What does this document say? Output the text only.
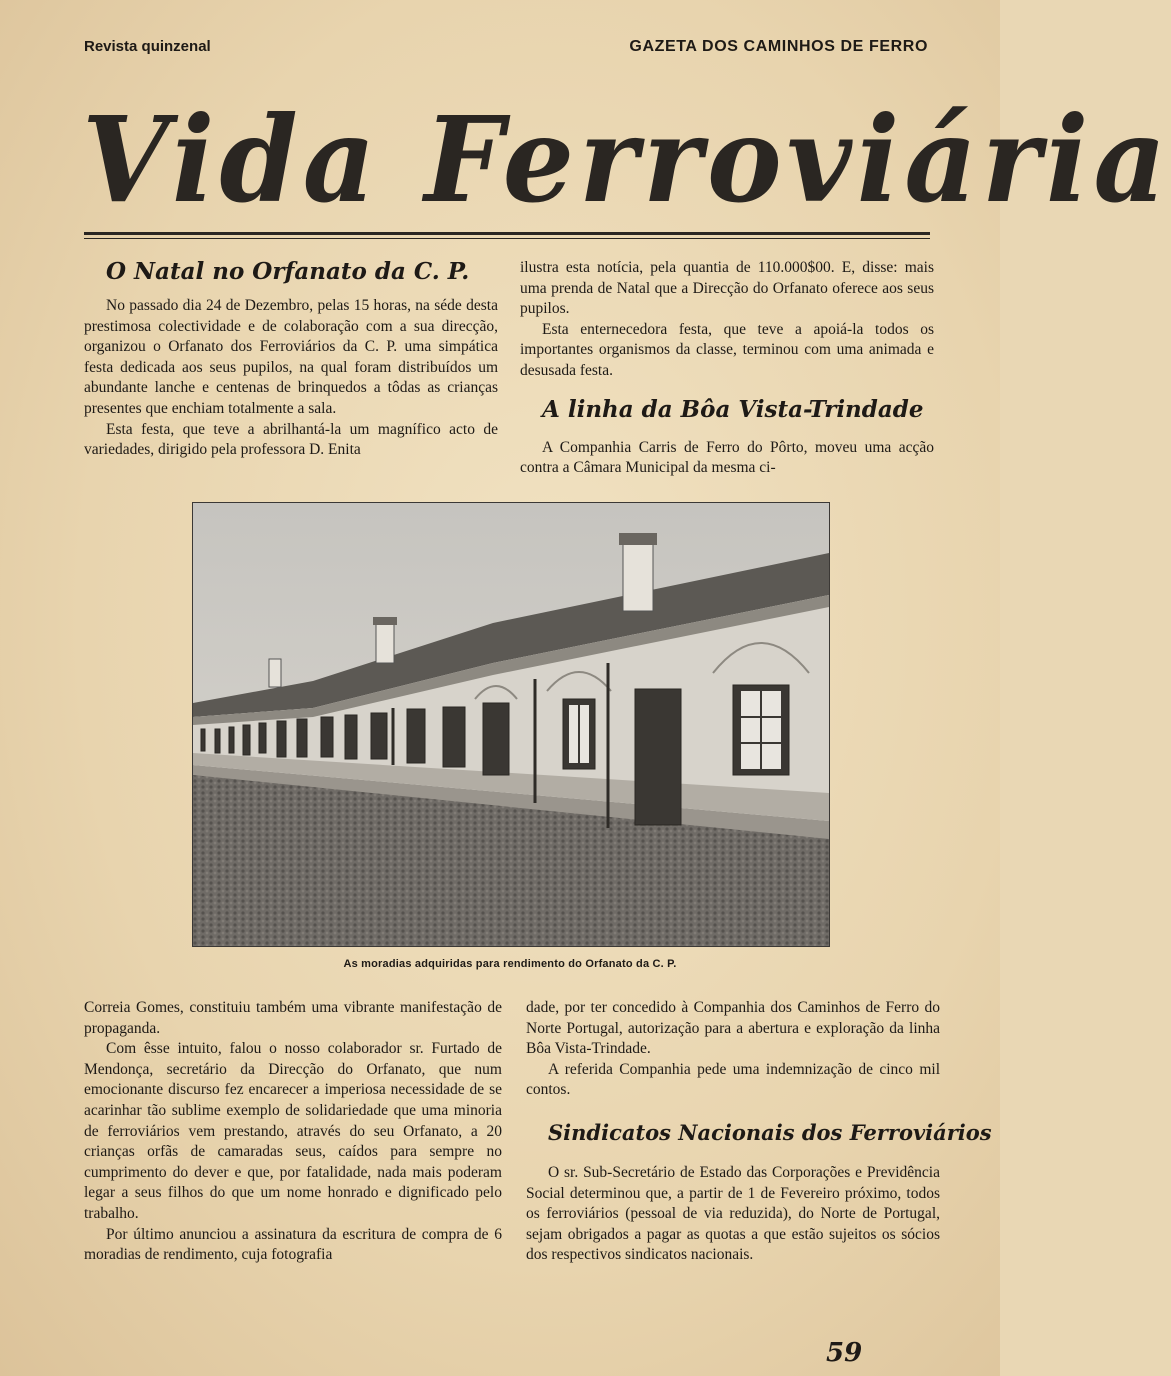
Revista quinzenal	GAZETA DOS CAMINHOS DE FERRO
Vida Ferroviária

O Natal no Orfanato da C. P.

No passado dia 24 de Dezembro, pelas 15 horas, na séde desta prestimosa colectividade e de colaboração com a sua direcção, organizou o Orfanato dos Ferroviários da C. P. uma simpática festa dedicada aos seus pupilos, na qual foram distribuídos um abundante lanche e centenas de brinquedos a tôdas as crianças presentes que enchiam totalmente a sala.

Esta festa, que teve a abrilhantá-la um magnífico acto de variedades, dirigido pela professora D. Enita

ilustra esta notícia, pela quantia de 110.000$00. E, disse: mais uma prenda de Natal que a Direcção do Orfanato oferece aos seus pupilos.

Esta enternecedora festa, que teve a apoiá-la todos os importantes organismos da classe, terminou com uma animada e desusada festa.

A linha da Bôa Vista-Trindade

A Companhia Carris de Ferro do Pôrto, moveu uma acção contra a Câmara Municipal da mesma ci-

As moradias adquiridas para rendimento do Orfanato da C. P.

Correia Gomes, constituiu também uma vibrante manifestação de propaganda.

Com êsse intuito, falou o nosso colaborador sr. Furtado de Mendonça, secretário da Direcção do Orfanato, que num emocionante discurso fez encarecer a imperiosa necessidade de se acarinhar tão sublime exemplo de solidariedade que uma minoria de ferroviários vem prestando, através do seu Orfanato, a 20 crianças orfãs de camaradas seus, caídos para sempre no cumprimento do dever e que, por fatalidade, nada mais poderam legar a seus filhos do que um nome honrado e dignificado pelo trabalho.

Por último anunciou a assinatura da escritura de compra de 6 moradias de rendimento, cuja fotografia

dade, por ter concedido à Companhia dos Caminhos de Ferro do Norte Portugal, autorização para a abertura e exploração da linha Bôa Vista-Trindade.

A referida Companhia pede uma indemnização de cinco mil contos.

Sindicatos Nacionais dos Ferroviários

O sr. Sub-Secretário de Estado das Corporações e Previdência Social determinou que, a partir de 1 de Fevereiro próximo, todos os ferroviários (pessoal de via reduzida), do Norte de Portugal, sejam obrigados a pagar as quotas a que estão sujeitos os sócios dos respectivos sindicatos nacionais.

59
